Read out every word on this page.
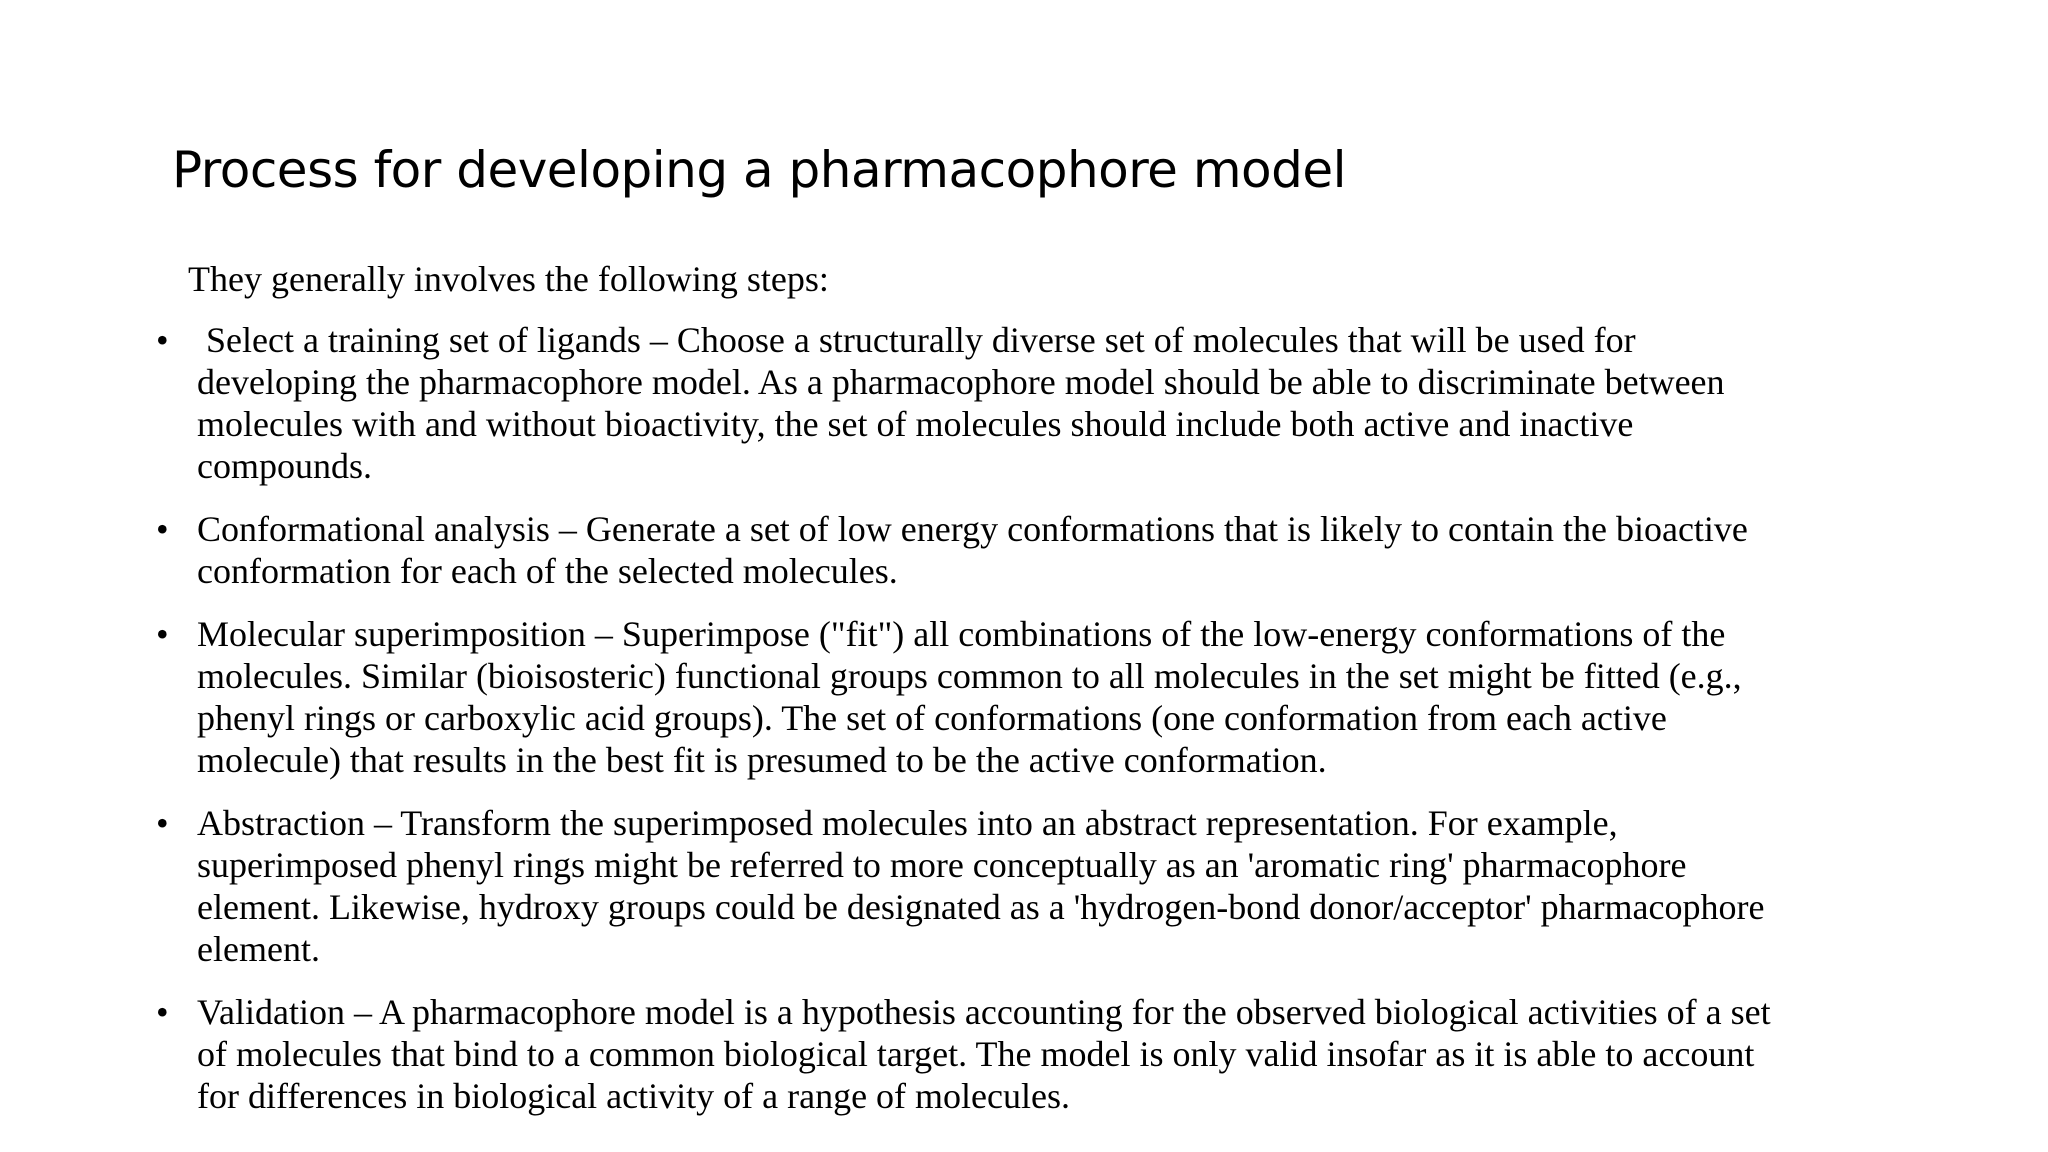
Process for developing a pharmacophore model

They generally involves the following steps:

• Select a training set of ligands – Choose a structurally diverse set of molecules that will be used for
developing the pharmacophore model. As a pharmacophore model should be able to discriminate between
molecules with and without bioactivity, the set of molecules should include both active and inactive
compounds.
• Conformational analysis – Generate a set of low energy conformations that is likely to contain the bioactive
conformation for each of the selected molecules.
• Molecular superimposition – Superimpose ("fit") all combinations of the low-energy conformations of the
molecules. Similar (bioisosteric) functional groups common to all molecules in the set might be fitted (e.g.,
phenyl rings or carboxylic acid groups). The set of conformations (one conformation from each active
molecule) that results in the best fit is presumed to be the active conformation.
• Abstraction – Transform the superimposed molecules into an abstract representation. For example,
superimposed phenyl rings might be referred to more conceptually as an 'aromatic ring' pharmacophore
element. Likewise, hydroxy groups could be designated as a 'hydrogen-bond donor/acceptor' pharmacophore
element.
• Validation – A pharmacophore model is a hypothesis accounting for the observed biological activities of a set
of molecules that bind to a common biological target. The model is only valid insofar as it is able to account
for differences in biological activity of a range of molecules.
